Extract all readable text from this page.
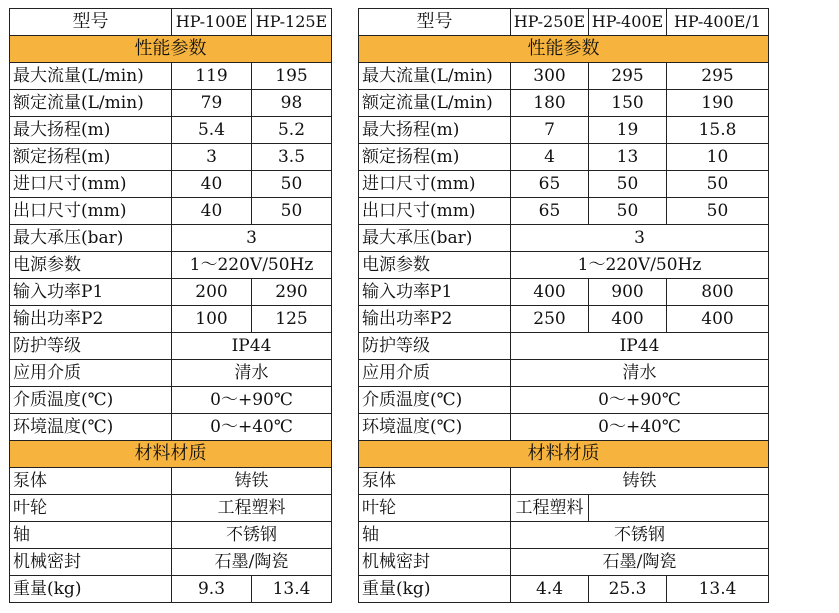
型号	HP-100E	HP-125E
性能参数		
最大流量(L/min)	119	195
额定流量(L/min)	79	98
最大扬程(m)	5.4	5.2
额定扬程(m)	3	3.5
进口尺寸(mm)	40	50
出口尺寸(mm)	40	50
最大承压(bar)	3	
电源参数	1～220V/50Hz	
输入功率P1	200	290
输出功率P2	100	125
防护等级	IP44	
应用介质	清水	
介质温度(℃)	0～+90℃	
环境温度(℃)	0～+40℃	
材料材质		
泵体	铸铁	
叶轮	工程塑料	
轴	不锈钢	
机械密封	石墨/陶瓷	
重量(kg)	9.3	13.4
型号	HP-250E	HP-400E	HP-400E/1
性能参数			
最大流量(L/min)	300	295	295
额定流量(L/min)	180	150	190
最大扬程(m)	7	19	15.8
额定扬程(m)	4	13	10
进口尺寸(mm)	65	50	50
出口尺寸(mm)	65	50	50
最大承压(bar)	3		
电源参数	1～220V/50Hz		
输入功率P1	400	900	800
输出功率P2	250	400	400
防护等级	IP44		
应用介质	清水		
介质温度(℃)	0～+90℃		
环境温度(℃)	0～+40℃		
材料材质			
泵体	铸铁		
叶轮	工程塑料		
轴	不锈钢		
机械密封	石墨/陶瓷		
重量(kg)	4.4	25.3	13.4
